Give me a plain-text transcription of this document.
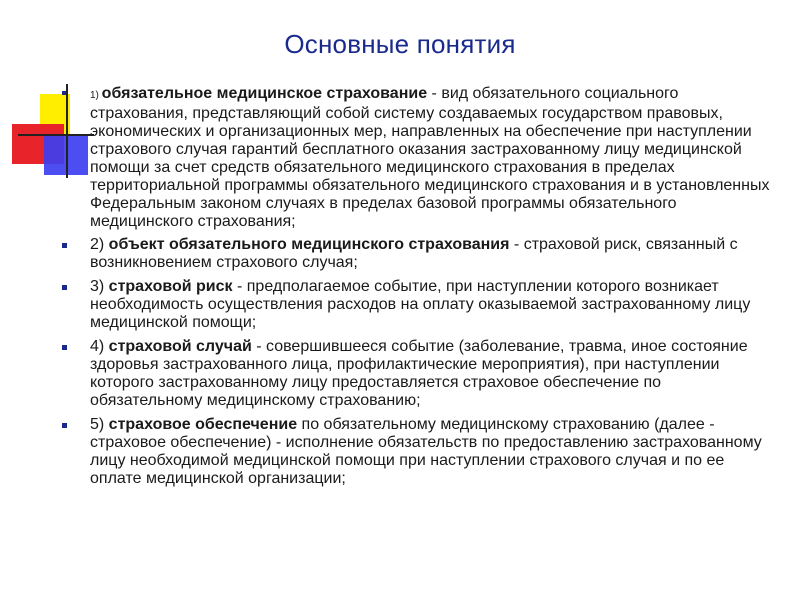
Основные понятия
1) обязательное медицинское страхование - вид обязательного социального страхования, представляющий собой систему создаваемых государством правовых, экономических и организационных мер, направленных на обеспечение при наступлении страхового случая гарантий бесплатного оказания застрахованному лицу медицинской помощи за счет средств обязательного медицинского страхования в пределах территориальной программы обязательного медицинского страхования и в установленных Федеральным законом случаях в пределах базовой программы обязательного медицинского страхования;
2) объект обязательного медицинского страхования - страховой риск, связанный с возникновением страхового случая;
3) страховой риск - предполагаемое событие, при наступлении которого возникает необходимость осуществления расходов на оплату оказываемой застрахованному лицу медицинской помощи;
4) страховой случай - совершившееся событие (заболевание, травма, иное состояние здоровья застрахованного лица, профилактические мероприятия), при наступлении которого застрахованному лицу предоставляется страховое обеспечение по обязательному медицинскому страхованию;
5) страховое обеспечение по обязательному медицинскому страхованию (далее - страховое обеспечение) - исполнение обязательств по предоставлению застрахованному лицу необходимой медицинской помощи при наступлении страхового случая и по ее оплате медицинской организации;
